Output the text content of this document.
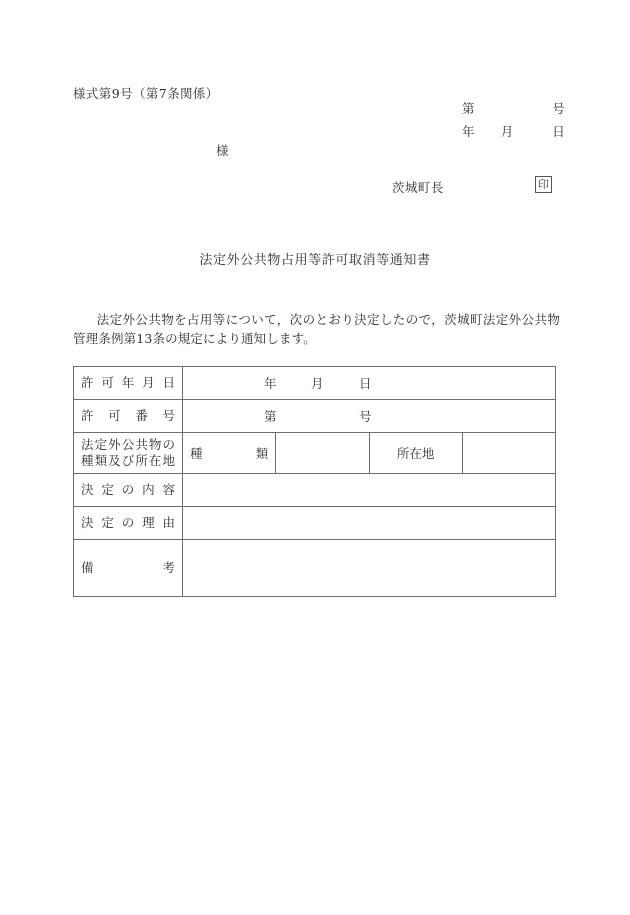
様式第9号（第7条関係）
第　　　　　　号
年　　月　　　日
様
茨城町長	印
法定外公共物占用等許可取消等通知書
法定外公共物を占用等について，次のとおり決定したので，茨城町法定外公共物管理条例第13条の規定により通知します。
許可年月日	年 月 日			

許可番号	第 号			

法定外公共物の
種類及び所在地	種　類		所在地	

決定の内容				

決定の理由				

備考				
